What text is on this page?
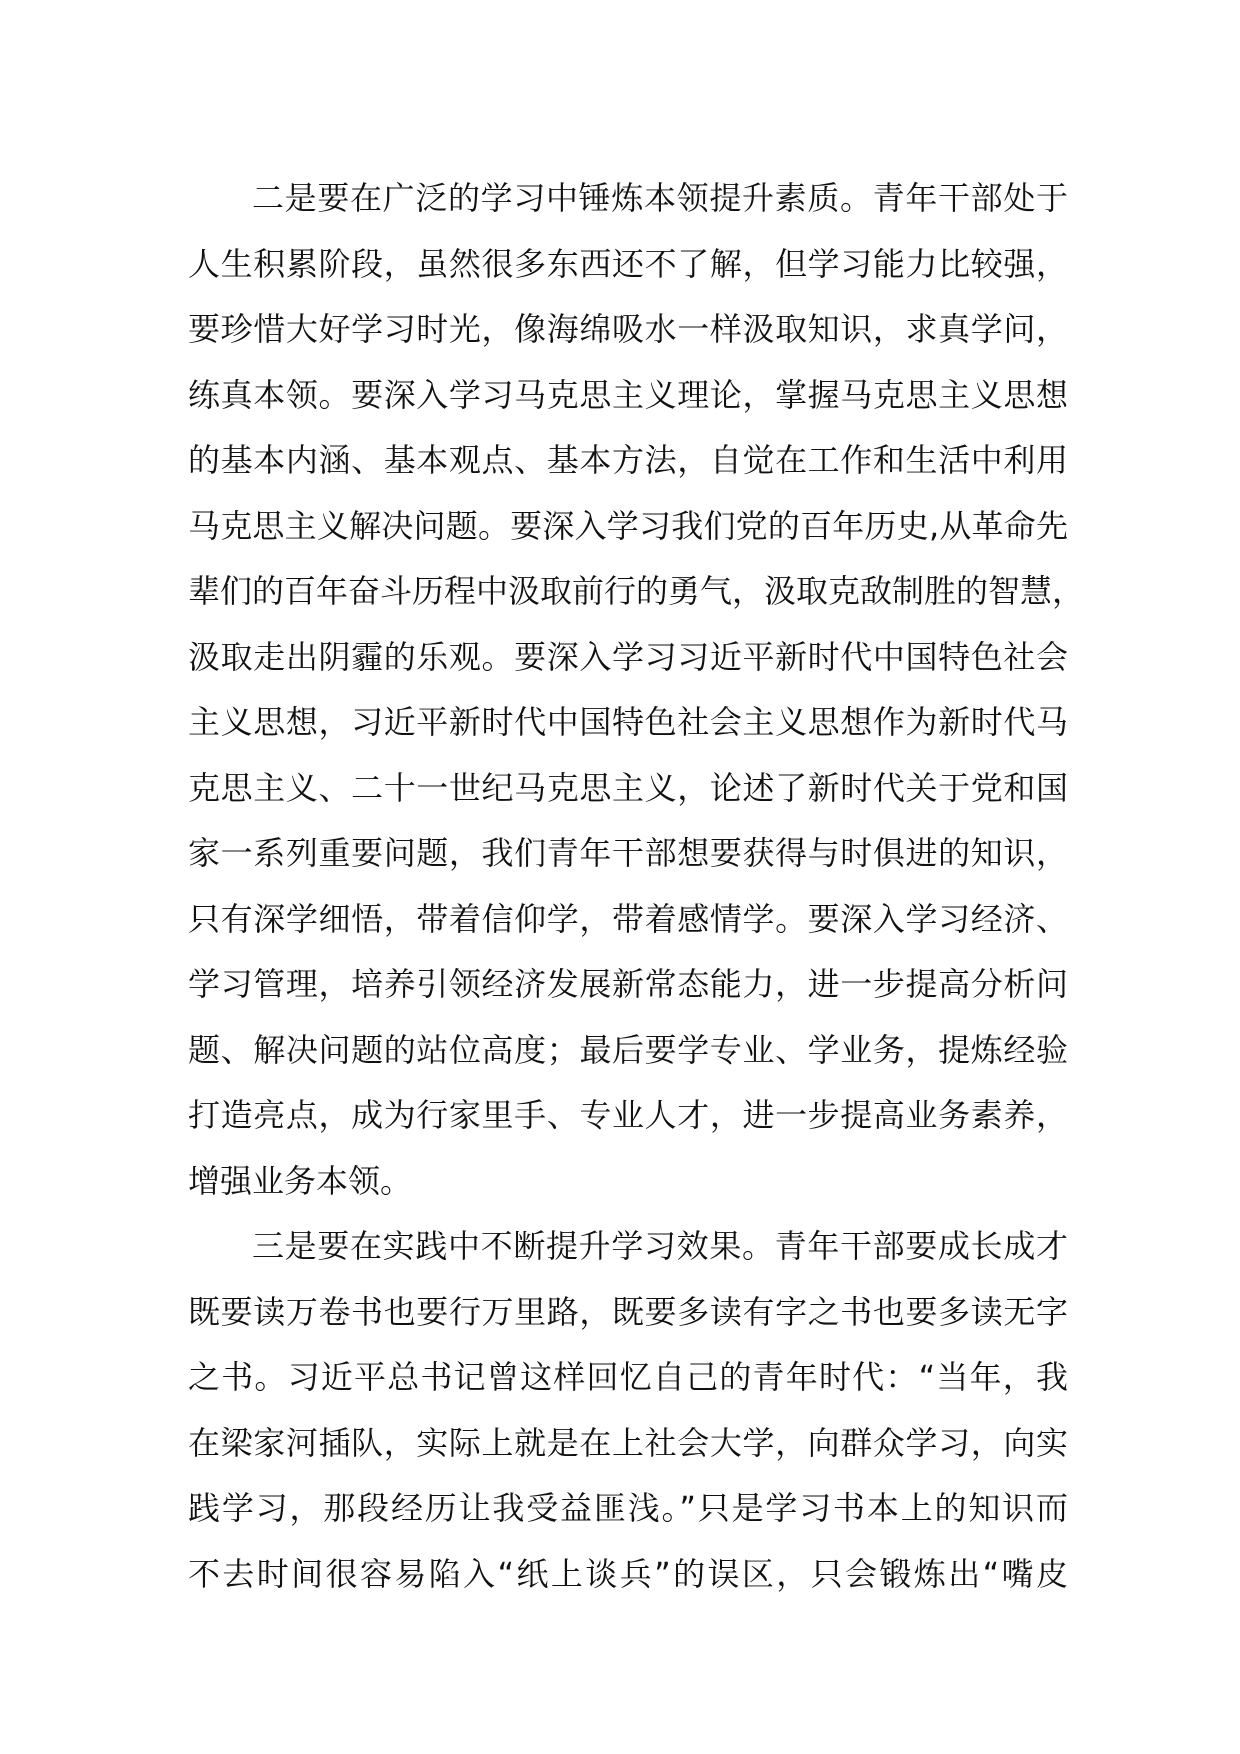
二是要在广泛的学习中锤炼本领提升素质。青年干部处于
人生积累阶段，虽然很多东西还不了解，但学习能力比较强，
要珍惜大好学习时光，像海绵吸水一样汲取知识，求真学问，
练真本领。要深入学习马克思主义理论，掌握马克思主义思想
的基本内涵、基本观点、基本方法，自觉在工作和生活中利用
马克思主义解决问题。要深入学习我们党的百年历史,从革命先
辈们的百年奋斗历程中汲取前行的勇气，汲取克敌制胜的智慧，
汲取走出阴霾的乐观。要深入学习习近平新时代中国特色社会
主义思想，习近平新时代中国特色社会主义思想作为新时代马
克思主义、二十一世纪马克思主义，论述了新时代关于党和国
家一系列重要问题，我们青年干部想要获得与时俱进的知识，
只有深学细悟，带着信仰学，带着感情学。要深入学习经济、
学习管理，培养引领经济发展新常态能力，进一步提高分析问
题、解决问题的站位高度；最后要学专业、学业务，提炼经验
打造亮点，成为行家里手、专业人才，进一步提高业务素养，
增强业务本领。
三是要在实践中不断提升学习效果。青年干部要成长成才
既要读万卷书也要行万里路，既要多读有字之书也要多读无字
之书。习近平总书记曾这样回忆自己的青年时代：“当年，我
在梁家河插队，实际上就是在上社会大学，向群众学习，向实
践学习，那段经历让我受益匪浅。”只是学习书本上的知识而
不去时间很容易陷入“纸上谈兵”的误区，只会锻炼出“嘴皮
